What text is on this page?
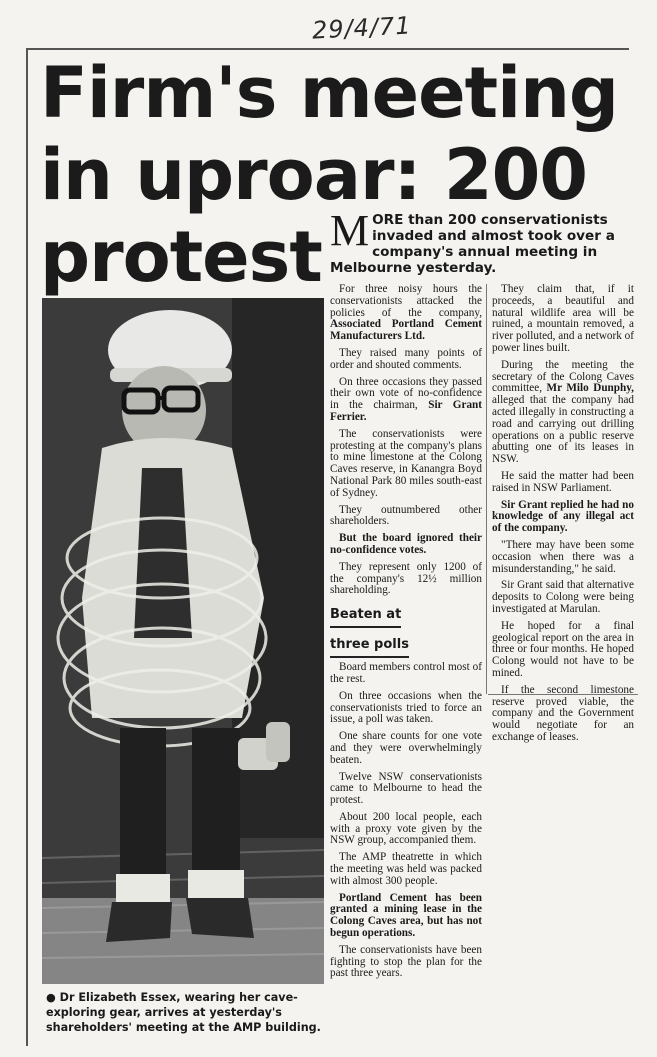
29/4/71
Firm's meeting
in uproar: 200
protest MORE than 200 conservationists invaded and almost took over a company's annual meeting in Melbourne yesterday.

● Dr Elizabeth Essex, wearing her cave-exploring gear, arrives at yesterday's shareholders' meeting at the AMP building.

For three noisy hours the conservationists attacked the policies of the company, Associated Portland Cement Manufacturers Ltd.

They raised many points of order and shouted comments.

On three occasions they passed their own vote of no-confidence in the chairman, Sir Grant Ferrier.

The conservationists were protesting at the company's plans to mine limestone at the Colong Caves reserve, in Kanangra Boyd National Park 80 miles south-east of Sydney.

They outnumbered other shareholders.

But the board ignored their no-confidence votes.

They represent only 1200 of the company's 12½ million shareholding.

Beaten at
three polls

Board members control most of the rest.

On three occasions when the conservationists tried to force an issue, a poll was taken.

One share counts for one vote and they were overwhelmingly beaten.

Twelve NSW conservationists came to Melbourne to head the protest.

About 200 local people, each with a proxy vote given by the NSW group, accompanied them.

The AMP theatrette in which the meeting was held was packed with almost 300 people.

Portland Cement has been granted a mining lease in the Colong Caves area, but has not begun operations.

The conservationists have been fighting to stop the plan for the past three years.

They claim that, if it proceeds, a beautiful and natural wildlife area will be ruined, a mountain removed, a river polluted, and a network of power lines built.

During the meeting the secretary of the Colong Caves committee, Mr Milo Dunphy, alleged that the company had acted illegally in constructing a road and carrying out drilling operations on a public reserve abutting one of its leases in NSW.

He said the matter had been raised in NSW Parliament.

Sir Grant replied he had no knowledge of any illegal act of the company.

"There may have been some occasion when there was a misunderstanding," he said.

Sir Grant said that alternative deposits to Colong were being investigated at Marulan.

He hoped for a final geological report on the area in three or four months. He hoped Colong would not have to be mined.

If the second limestone reserve proved viable, the company and the Government would negotiate for an exchange of leases.
